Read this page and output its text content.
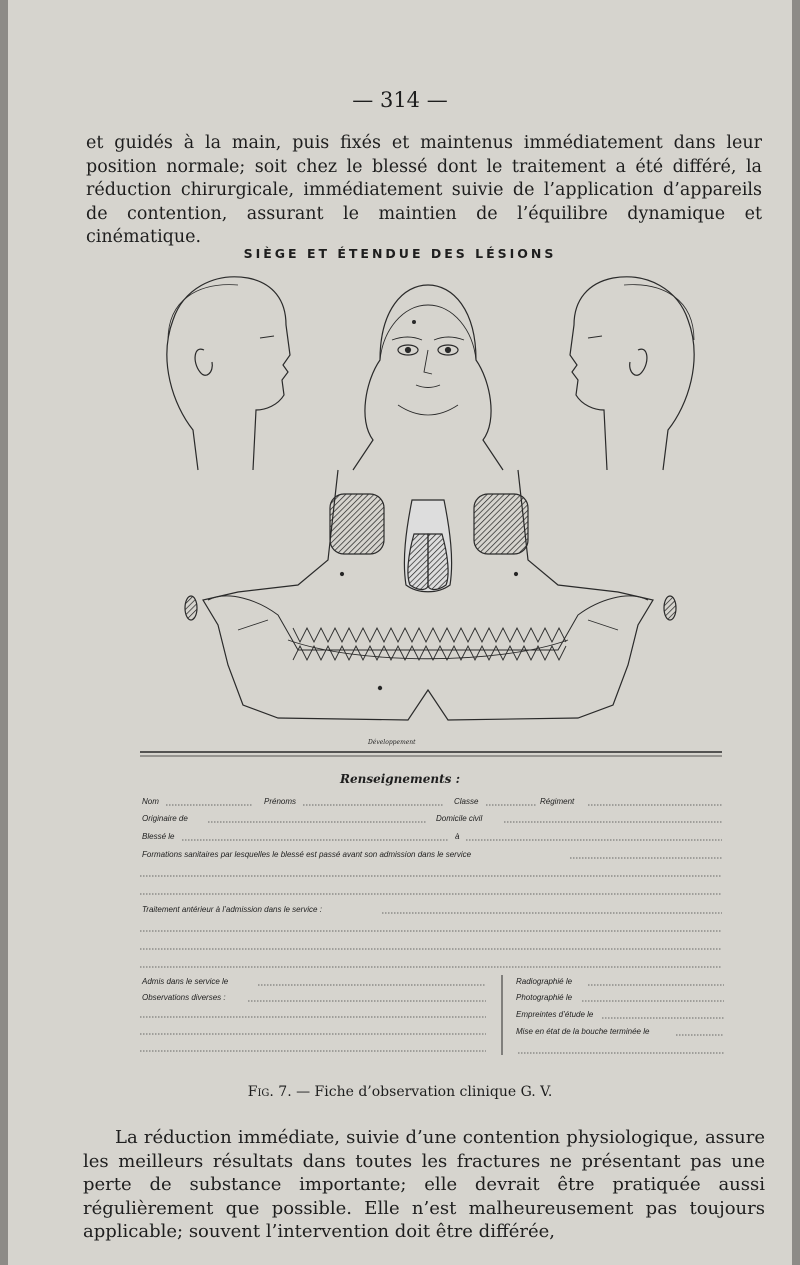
— 314 —
et guidés à la main, puis fixés et maintenus immédiatement dans leur position normale; soit chez le blessé dont le traitement a été différé, la réduction chirurgicale, immédiatement suivie de l’application d’appareils de contention, assurant le maintien de l’équilibre dynamique et cinématique.
SIÈGE ET ÉTENDUE DES LÉSIONS
Développement
Renseignements :
Nom	Prénoms	Classe	Régiment
Originaire de	Domicile civil
Blessé le	à
Formations sanitaires par lesquelles le blessé est passé avant son admission dans le service
Traitement antérieur à l’admission dans le service :
Admis dans le service le
Observations diverses :
Radiographié le
Photographié le
Empreintes d’étude le
Mise en état de la bouche terminée le
Fig. 7. — Fiche d’observation clinique G. V.
La réduction immédiate, suivie d’une contention physiologique, assure les meilleurs résultats dans toutes les fractures ne présentant pas une perte de substance importante; elle devrait être pratiquée aussi régulièrement que possible. Elle n’est malheureusement pas toujours applicable; souvent l’intervention doit être différée,
